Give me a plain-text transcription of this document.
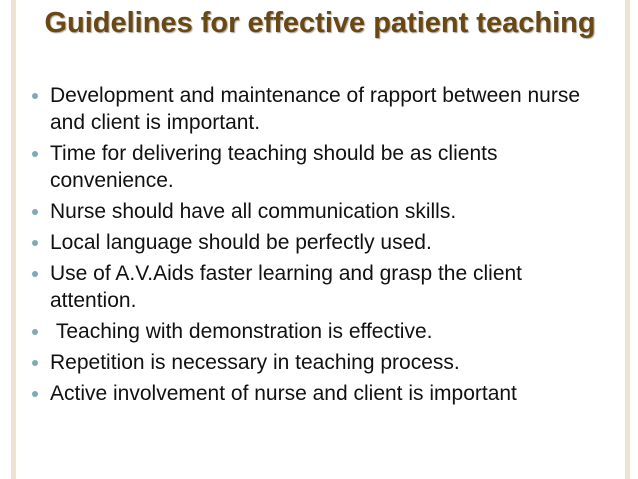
Guidelines for effective patient teaching
Development and maintenance of rapport between nurse and client is important.
Time for delivering teaching should be as clients convenience.
Nurse should have all communication skills.
Local language should be perfectly used.
Use of A.V.Aids faster learning and grasp the client attention.
Teaching with demonstration is effective.
Repetition is necessary in teaching process.
Active involvement of nurse and client is important
